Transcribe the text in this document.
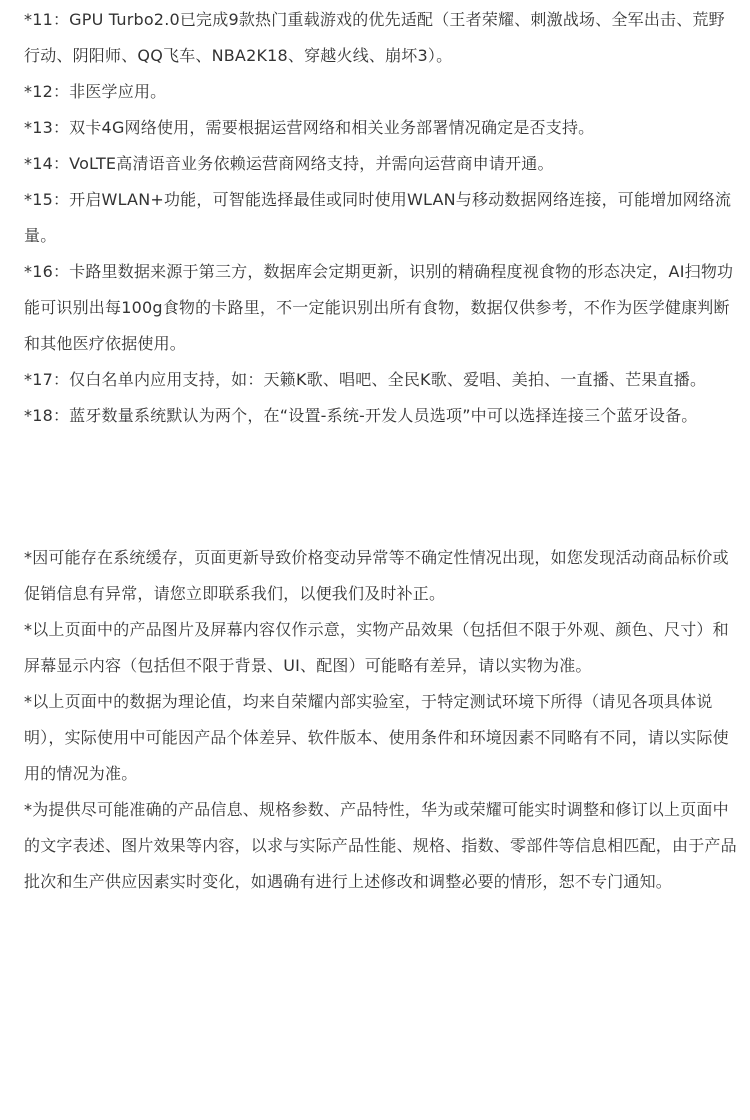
*11：GPU Turbo2.0已完成9款热门重载游戏的优先适配（王者荣耀、刺激战场、全军出击、荒野行动、阴阳师、QQ飞车、NBA2K18、穿越火线、崩坏3）。

*12：非医学应用。

*13：双卡4G网络使用，需要根据运营网络和相关业务部署情况确定是否支持。

*14：VoLTE高清语音业务依赖运营商网络支持，并需向运营商申请开通。

*15：开启WLAN+功能，可智能选择最佳或同时使用WLAN与移动数据网络连接，可能增加网络流量。

*16：卡路里数据来源于第三方，数据库会定期更新，识别的精确程度视食物的形态决定，AI扫物功能可识别出每100g食物的卡路里，不一定能识别出所有食物，数据仅供参考，不作为医学健康判断和其他医疗依据使用。

*17：仅白名单内应用支持，如：天籁K歌、唱吧、全民K歌、爱唱、美拍、一直播、芒果直播。

*18：蓝牙数量系统默认为两个，在“设置-系统-开发人员选项”中可以选择连接三个蓝牙设备。

*因可能存在系统缓存，页面更新导致价格变动异常等不确定性情况出现，如您发现活动商品标价或促销信息有异常，请您立即联系我们，以便我们及时补正。

*以上页面中的产品图片及屏幕内容仅作示意，实物产品效果（包括但不限于外观、颜色、尺寸）和屏幕显示内容（包括但不限于背景、UI、配图）可能略有差异，请以实物为准。

*以上页面中的数据为理论值，均来自荣耀内部实验室，于特定测试环境下所得（请见各项具体说明），实际使用中可能因产品个体差异、软件版本、使用条件和环境因素不同略有不同，请以实际使用的情况为准。

*为提供尽可能准确的产品信息、规格参数、产品特性，华为或荣耀可能实时调整和修订以上页面中的文字表述、图片效果等内容，以求与实际产品性能、规格、指数、零部件等信息相匹配，由于产品批次和生产供应因素实时变化，如遇确有进行上述修改和调整必要的情形，恕不专门通知。
